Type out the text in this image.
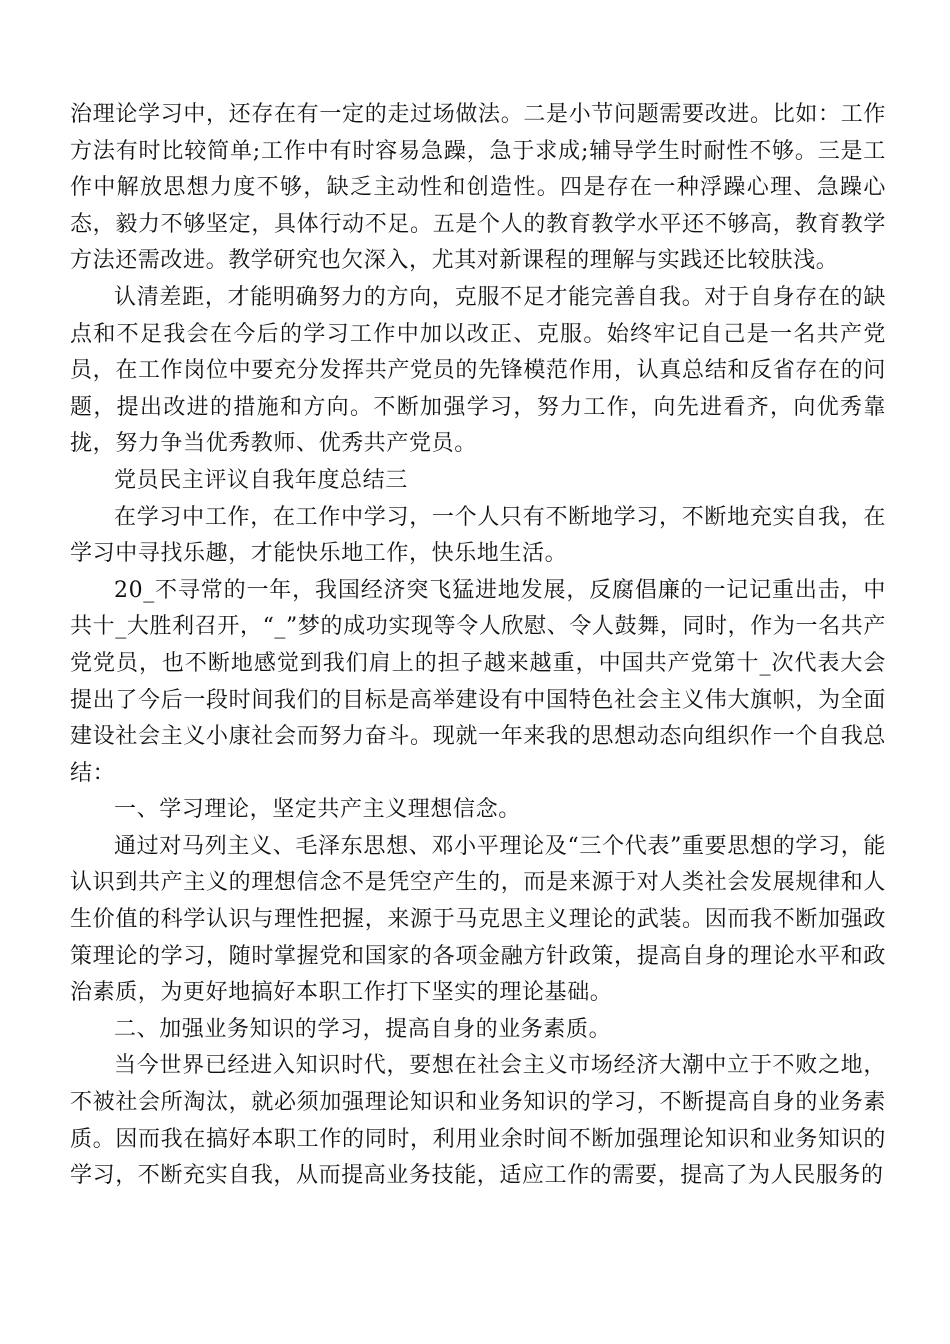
治理论学习中，还存在有一定的走过场做法。二是小节问题需要改进。比如：工作方法有时比较简单;工作中有时容易急躁，急于求成;辅导学生时耐性不够。三是工作中解放思想力度不够，缺乏主动性和创造性。四是存在一种浮躁心理、急躁心态，毅力不够坚定，具体行动不足。五是个人的教育教学水平还不够高，教育教学方法还需改进。教学研究也欠深入，尤其对新课程的理解与实践还比较肤浅。

认清差距，才能明确努力的方向，克服不足才能完善自我。对于自身存在的缺点和不足我会在今后的学习工作中加以改正、克服。始终牢记自己是一名共产党员，在工作岗位中要充分发挥共产党员的先锋模范作用，认真总结和反省存在的问题，提出改进的措施和方向。不断加强学习，努力工作，向先进看齐，向优秀靠拢，努力争当优秀教师、优秀共产党员。

党员民主评议自我年度总结三

在学习中工作，在工作中学习，一个人只有不断地学习，不断地充实自我，在学习中寻找乐趣，才能快乐地工作，快乐地生活。

20_不寻常的一年，我国经济突飞猛进地发展，反腐倡廉的一记记重出击，中共十_大胜利召开，“_”梦的成功实现等令人欣慰、令人鼓舞，同时，作为一名共产党党员，也不断地感觉到我们肩上的担子越来越重，中国共产党第十_次代表大会提出了今后一段时间我们的目标是高举建设有中国特色社会主义伟大旗帜，为全面建设社会主义小康社会而努力奋斗。现就一年来我的思想动态向组织作一个自我总结：

一、学习理论，坚定共产主义理想信念。

通过对马列主义、毛泽东思想、邓小平理论及“三个代表”重要思想的学习，能认识到共产主义的理想信念不是凭空产生的，而是来源于对人类社会发展规律和人生价值的科学认识与理性把握，来源于马克思主义理论的武装。因而我不断加强政策理论的学习，随时掌握党和国家的各项金融方针政策，提高自身的理论水平和政治素质，为更好地搞好本职工作打下坚实的理论基础。

二、加强业务知识的学习，提高自身的业务素质。

当今世界已经进入知识时代，要想在社会主义市场经济大潮中立于不败之地，不被社会所淘汰，就必须加强理论知识和业务知识的学习，不断提高自身的业务素质。因而我在搞好本职工作的同时，利用业余时间不断加强理论知识和业务知识的学习，不断充实自我，从而提高业务技能，适应工作的需要，提高了为人民服务的
